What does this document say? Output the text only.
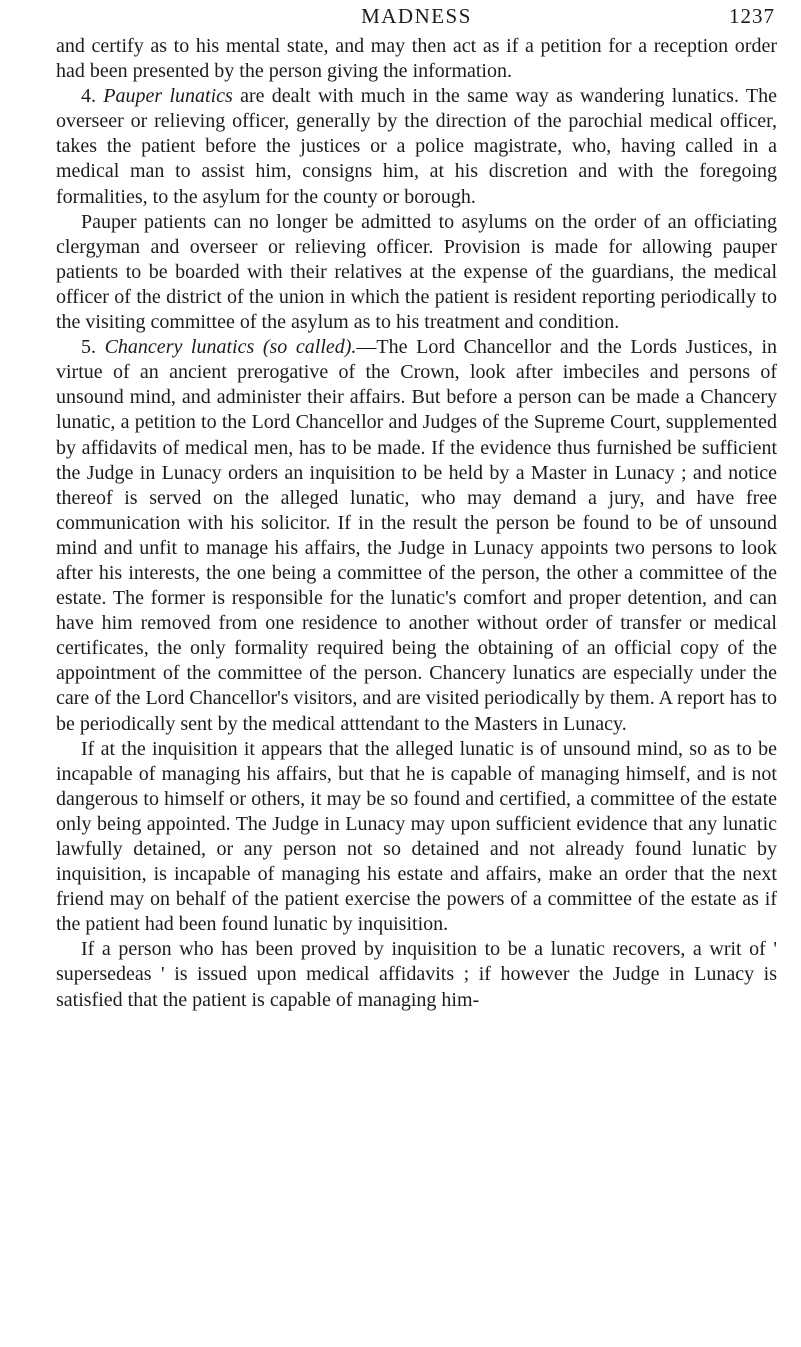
MADNESS	1237

and certify as to his mental state, and may then act as if a petition for a reception order had been presented by the person giving the information.

4. Pauper lunatics are dealt with much in the same way as wandering lunatics. The overseer or relieving officer, generally by the direction of the parochial medical officer, takes the patient before the justices or a police magistrate, who, having called in a medical man to assist him, consigns him, at his discretion and with the foregoing formalities, to the asylum for the county or borough.

Pauper patients can no longer be admitted to asylums on the order of an officiating clergyman and overseer or relieving officer. Provision is made for allowing pauper patients to be boarded with their relatives at the expense of the guardians, the medical officer of the district of the union in which the patient is resident reporting periodically to the visiting committee of the asylum as to his treatment and condition.

5. Chancery lunatics (so called).—The Lord Chancellor and the Lords Justices, in virtue of an ancient prerogative of the Crown, look after imbeciles and persons of unsound mind, and administer their affairs. But before a person can be made a Chancery lunatic, a petition to the Lord Chancellor and Judges of the Supreme Court, supplemented by affidavits of medical men, has to be made. If the evidence thus furnished be sufficient the Judge in Lunacy orders an inquisition to be held by a Master in Lunacy ; and notice thereof is served on the alleged lunatic, who may demand a jury, and have free communication with his solicitor. If in the result the person be found to be of unsound mind and unfit to manage his affairs, the Judge in Lunacy appoints two persons to look after his interests, the one being a committee of the person, the other a committee of the estate. The former is responsible for the lunatic's comfort and proper detention, and can have him removed from one residence to another without order of transfer or medical certificates, the only formality required being the obtaining of an official copy of the appointment of the committee of the person. Chancery lunatics are especially under the care of the Lord Chancellor's visitors, and are visited periodically by them. A report has to be periodically sent by the medical atttendant to the Masters in Lunacy.

If at the inquisition it appears that the alleged lunatic is of unsound mind, so as to be incapable of managing his affairs, but that he is capable of managing himself, and is not dangerous to himself or others, it may be so found and certified, a committee of the estate only being appointed. The Judge in Lunacy may upon sufficient evidence that any lunatic lawfully detained, or any person not so detained and not already found lunatic by inquisition, is incapable of managing his estate and affairs, make an order that the next friend may on behalf of the patient exercise the powers of a committee of the estate as if the patient had been found lunatic by inquisition.

If a person who has been proved by inquisition to be a lunatic recovers, a writ of ' supersedeas ' is issued upon medical affidavits ; if however the Judge in Lunacy is satisfied that the patient is capable of managing him-
